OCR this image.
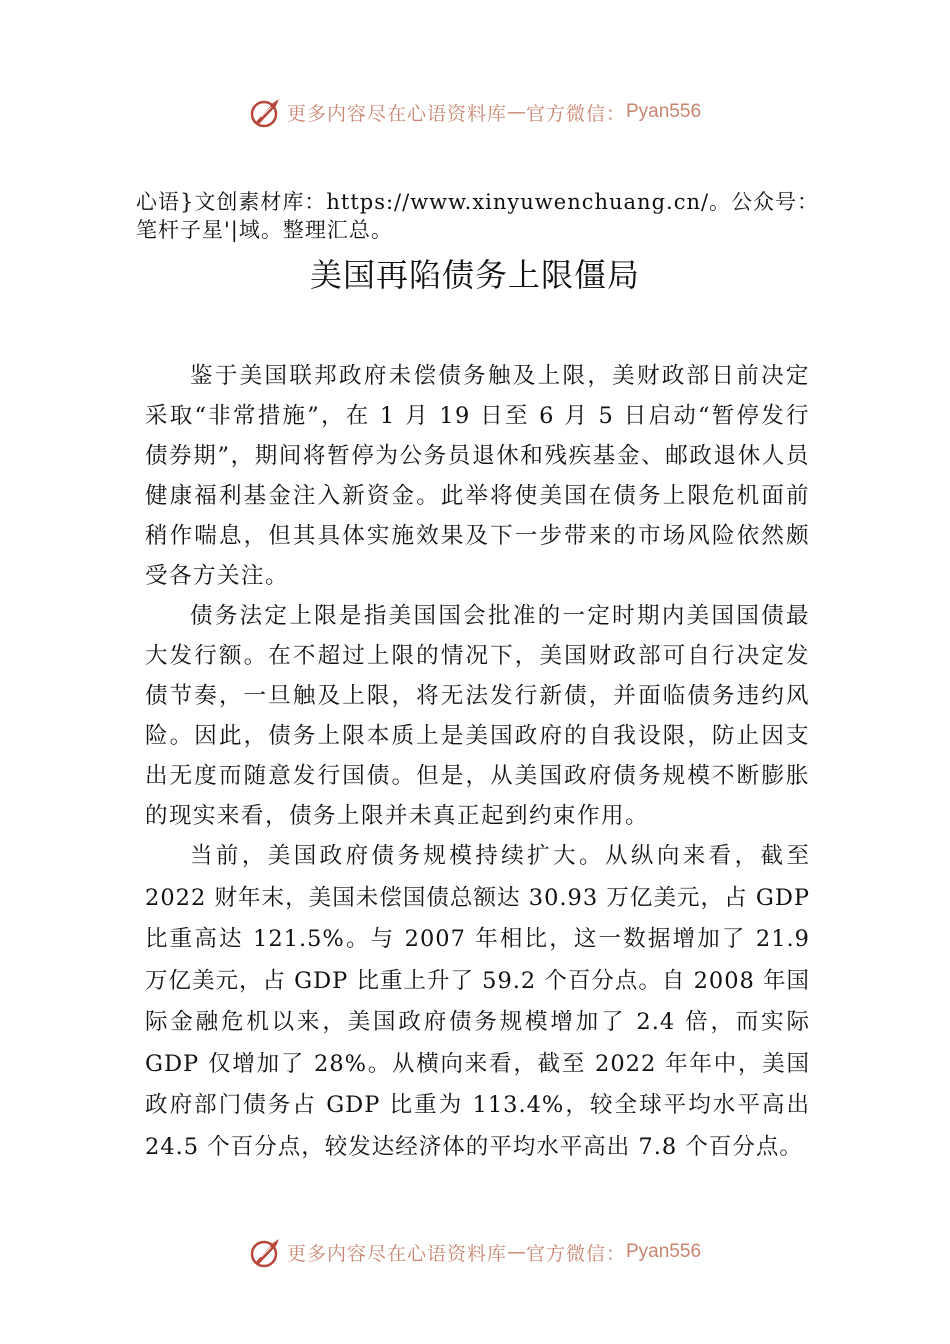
更多内容尽在心语资料库 — 官方微信： Pyan556
心语}文创素材库：https://www.xinyuwenchuang.cn/。公众号：笔杆子星'|域。整理汇总。
美国再陷债务上限僵局

鉴于美国联邦政府未偿债务触及上限，美财政部日前决定采取“非常措施”，在 1 月 19 日至 6 月 5 日启动“暂停发行债券期”，期间将暂停为公务员退休和残疾基金、邮政退休人员健康福利基金注入新资金。此举将使美国在债务上限危机面前稍作喘息，但其具体实施效果及下一步带来的市场风险依然颇受各方关注。

债务法定上限是指美国国会批准的一定时期内美国国债最大发行额。在不超过上限的情况下，美国财政部可自行决定发债节奏，一旦触及上限，将无法发行新债，并面临债务违约风险。因此，债务上限本质上是美国政府的自我设限，防止因支出无度而随意发行国债。但是，从美国政府债务规模不断膨胀的现实来看，债务上限并未真正起到约束作用。

当前，美国政府债务规模持续扩大。从纵向来看，截至 2022 财年末，美国未偿国债总额达 30.93 万亿美元，占 GDP 比重高达 121.5%。与 2007 年相比，这一数据增加了 21.9 万亿美元，占 GDP 比重上升了 59.2 个百分点。自 2008 年国际金融危机以来，美国政府债务规模增加了 2.4 倍，而实际 GDP 仅增加了 28%。从横向来看，截至 2022 年年中，美国政府部门债务占 GDP 比重为 113.4%，较全球平均水平高出 24.5 个百分点，较发达经济体的平均水平高出 7.8 个百分点。

更多内容尽在心语资料库 — 官方微信： Pyan556
